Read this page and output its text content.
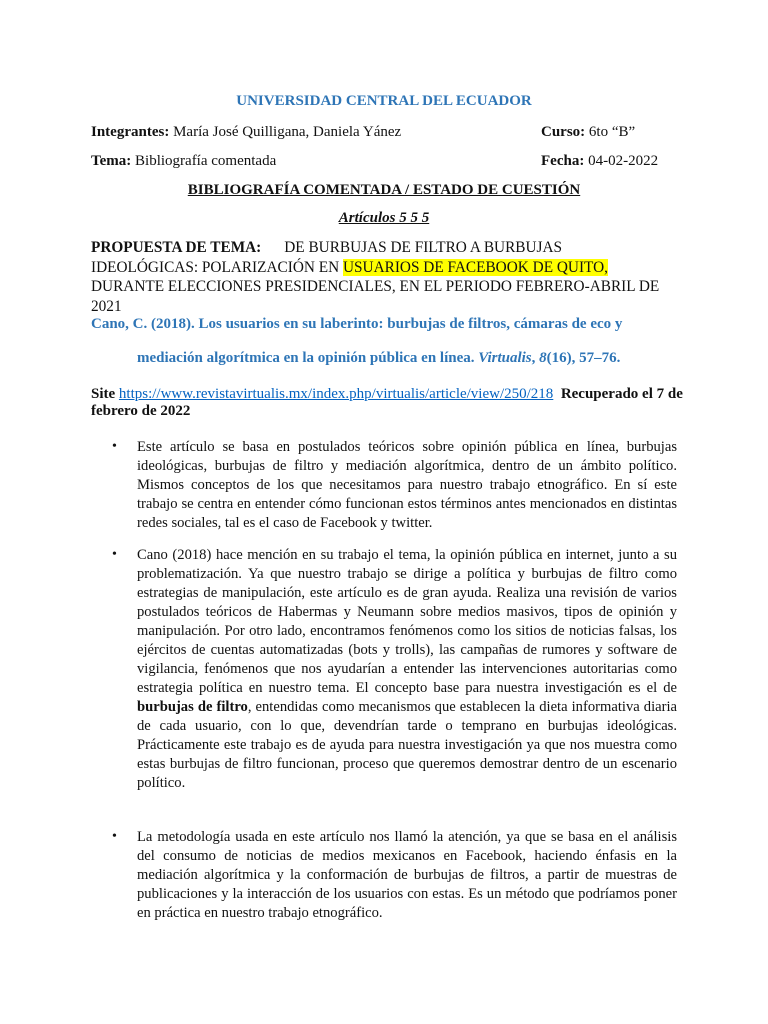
UNIVERSIDAD CENTRAL DEL ECUADOR
Integrantes: María José Quilligana, Daniela Yánez	Curso: 6to “B”
Tema: Bibliografía comentada	Fecha: 04-02-2022
BIBLIOGRAFÍA COMENTADA / ESTADO DE CUESTIÓN
Artículos 5 5 5
PROPUESTA DE TEMA: DE BURBUJAS DE FILTRO A BURBUJAS IDEOLÓGICAS: POLARIZACIÓN EN USUARIOS DE FACEBOOK DE QUITO, DURANTE ELECCIONES PRESIDENCIALES, EN EL PERIODO FEBRERO-ABRIL DE 2021
Cano, C. (2018). Los usuarios en su laberinto: burbujas de filtros, cámaras de eco y
mediación algorítmica en la opinión pública en línea. Virtualis, 8(16), 57–76.
Site https://www.revistavirtualis.mx/index.php/virtualis/article/view/250/218 Recuperado el 7 de febrero de 2022
• Este artículo se basa en postulados teóricos sobre opinión pública en línea, burbujas ideológicas, burbujas de filtro y mediación algorítmica, dentro de un ámbito político. Mismos conceptos de los que necesitamos para nuestro trabajo etnográfico. En sí este trabajo se centra en entender cómo funcionan estos términos antes mencionados en distintas redes sociales, tal es el caso de Facebook y twitter.
• Cano (2018) hace mención en su trabajo el tema, la opinión pública en internet, junto a su problematización. Ya que nuestro trabajo se dirige a política y burbujas de filtro como estrategias de manipulación, este artículo es de gran ayuda. Realiza una revisión de varios postulados teóricos de Habermas y Neumann sobre medios masivos, tipos de opinión y manipulación. Por otro lado, encontramos fenómenos como los sitios de noticias falsas, los ejércitos de cuentas automatizadas (bots y trolls), las campañas de rumores y software de vigilancia, fenómenos que nos ayudarían a entender las intervenciones autoritarias como estrategia política en nuestro tema. El concepto base para nuestra investigación es el de burbujas de filtro, entendidas como mecanismos que establecen la dieta informativa diaria de cada usuario, con lo que, devendrían tarde o temprano en burbujas ideológicas. Prácticamente este trabajo es de ayuda para nuestra investigación ya que nos muestra como estas burbujas de filtro funcionan, proceso que queremos demostrar dentro de un escenario político.
• La metodología usada en este artículo nos llamó la atención, ya que se basa en el análisis del consumo de noticias de medios mexicanos en Facebook, haciendo énfasis en la mediación algorítmica y la conformación de burbujas de filtros, a partir de muestras de publicaciones y la interacción de los usuarios con estas. Es un método que podríamos poner en práctica en nuestro trabajo etnográfico.
